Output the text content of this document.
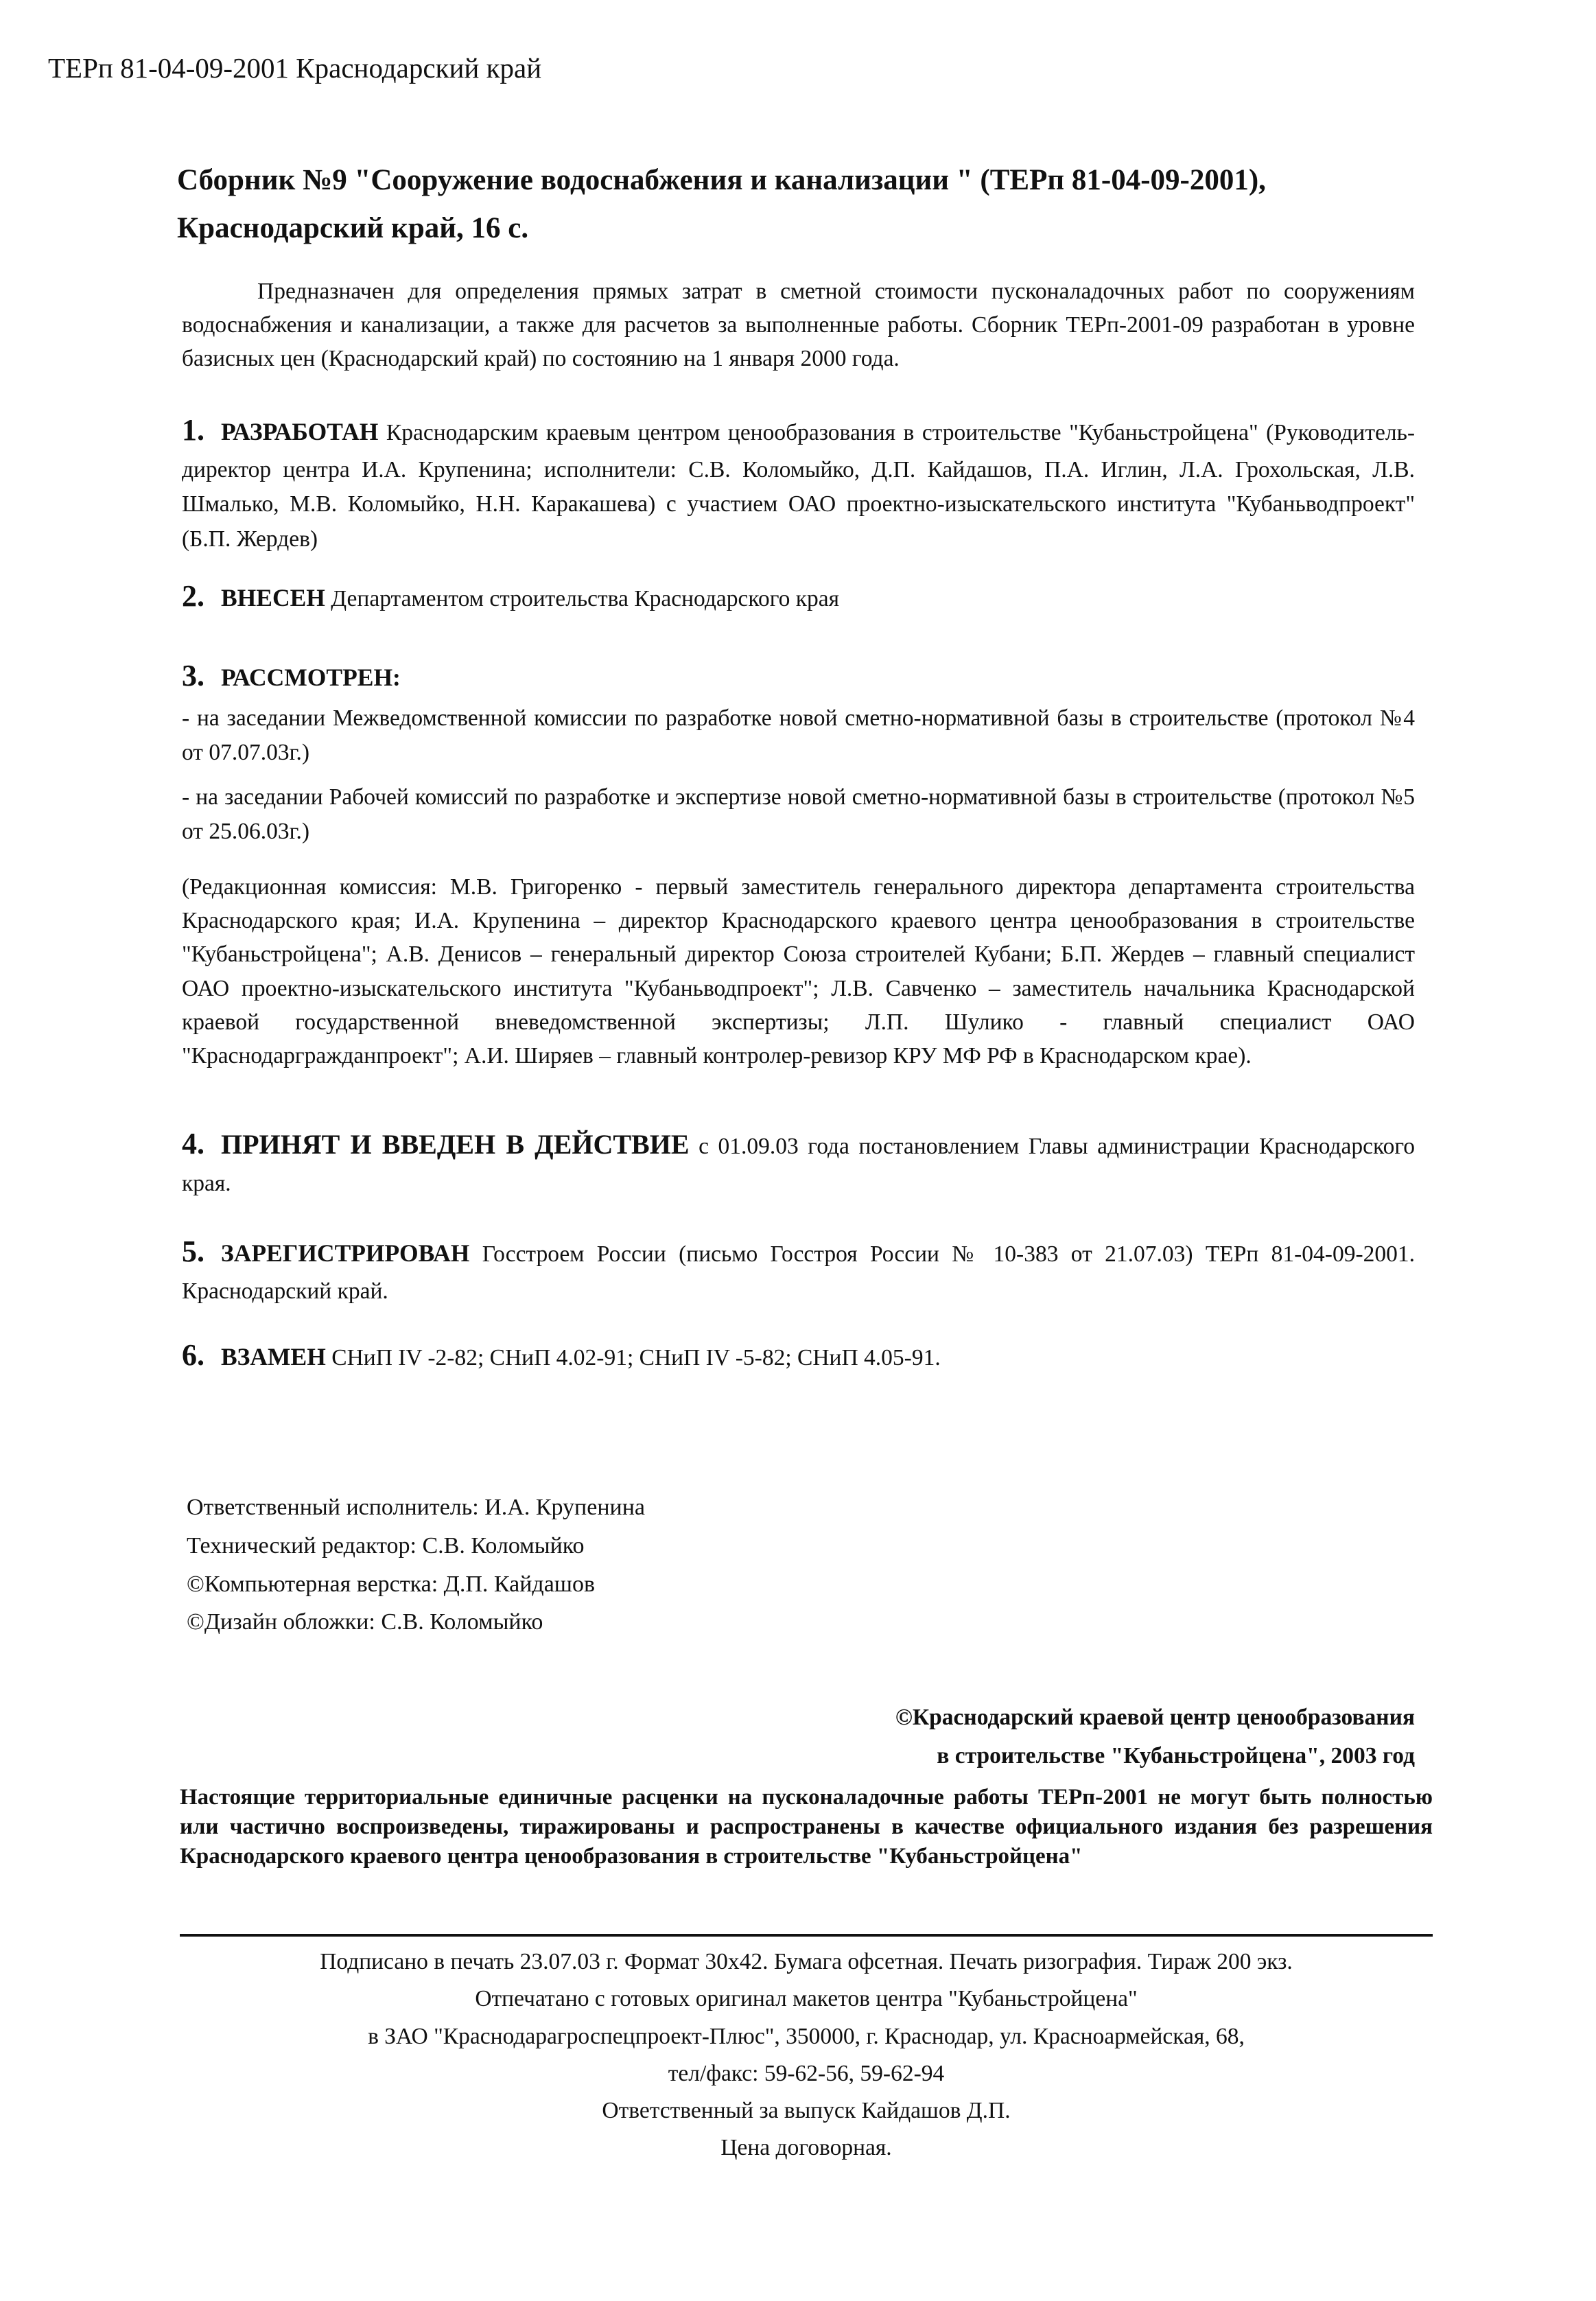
ТЕРп 81-04-09-2001 Краснодарский край
Сборник №9 "Сооружение водоснабжения и канализации " (ТЕРп 81-04-09-2001),
Краснодарский край, 16 с.
Предназначен для определения прямых затрат в сметной стоимости пусконаладочных работ по сооружениям водоснабжения и канализации, а также для расчетов за выполненные работы. Сборник ТЕРп-2001-09 разработан в уровне базисных цен (Краснодарский край) по состоянию на 1 января 2000 года.
1. РАЗРАБОТАН Краснодарским краевым центром ценообразования в строительстве "Кубаньстройцена" (Руководитель- директор центра И.А. Крупенина; исполнители: С.В. Коломыйко, Д.П. Кайдашов, П.А. Иглин, Л.А. Грохольская, Л.В. Шмалько, М.В. Коломыйко, Н.Н. Каракашева) с участием ОАО проектно-изыскательского института "Кубаньводпроект" (Б.П. Жердев)
2. ВНЕСЕН Департаментом строительства Краснодарского края
3. РАССМОТРЕН:

- на заседании Межведомственной комиссии по разработке новой сметно-нормативной базы в строительстве (протокол №4 от 07.07.03г.)

- на заседании Рабочей комиссий по разработке и экспертизе новой сметно-нормативной базы в строительстве (протокол №5 от 25.06.03г.)

(Редакционная комиссия: М.В. Григоренко - первый заместитель генерального директора департамента строительства Краснодарского края; И.А. Крупенина – директор Краснодарского краевого центра ценообразования в строительстве "Кубаньстройцена"; А.В. Денисов – генеральный директор Союза строителей Кубани; Б.П. Жердев – главный специалист ОАО проектно-изыскательского института "Кубаньводпроект"; Л.В. Савченко – заместитель начальника Краснодарской краевой государственной вневедомственной экспертизы; Л.П. Шулико - главный специалист ОАО "Краснодаргражданпроект"; А.И. Ширяев – главный контролер-ревизор КРУ МФ РФ в Краснодарском крае).
4. ПРИНЯТ И ВВЕДЕН В ДЕЙСТВИЕ с 01.09.03 года постановлением Главы администрации Краснодарского края.
5. ЗАРЕГИСТРИРОВАН Госстроем России (письмо Госстроя России № 10-383 от 21.07.03) ТЕРп 81-04-09-2001. Краснодарский край.
6. ВЗАМЕН СНиП IV -2-82; СНиП 4.02-91; СНиП IV -5-82; СНиП 4.05-91.
Ответственный исполнитель: И.А. Крупенина
Технический редактор: С.В. Коломыйко
©Компьютерная верстка: Д.П. Кайдашов
©Дизайн обложки: С.В. Коломыйко
©Краснодарский краевой центр ценообразования
в строительстве "Кубаньстройцена", 2003 год
Настоящие территориальные единичные расценки на пусконаладочные работы ТЕРп-2001 не могут быть полностью или частично воспроизведены, тиражированы и распространены в качестве официального издания без разрешения Краснодарского краевого центра ценообразования в строительстве "Кубаньстройцена"
Подписано в печать 23.07.03 г. Формат 30х42. Бумага офсетная. Печать ризография. Тираж 200 экз.
Отпечатано с готовых оригинал макетов центра "Кубаньстройцена"
в ЗАО "Краснодарагроспецпроект-Плюс", 350000, г. Краснодар, ул. Красноармейская, 68,
тел/факс: 59-62-56, 59-62-94
Ответственный за выпуск Кайдашов Д.П.
Цена договорная.
